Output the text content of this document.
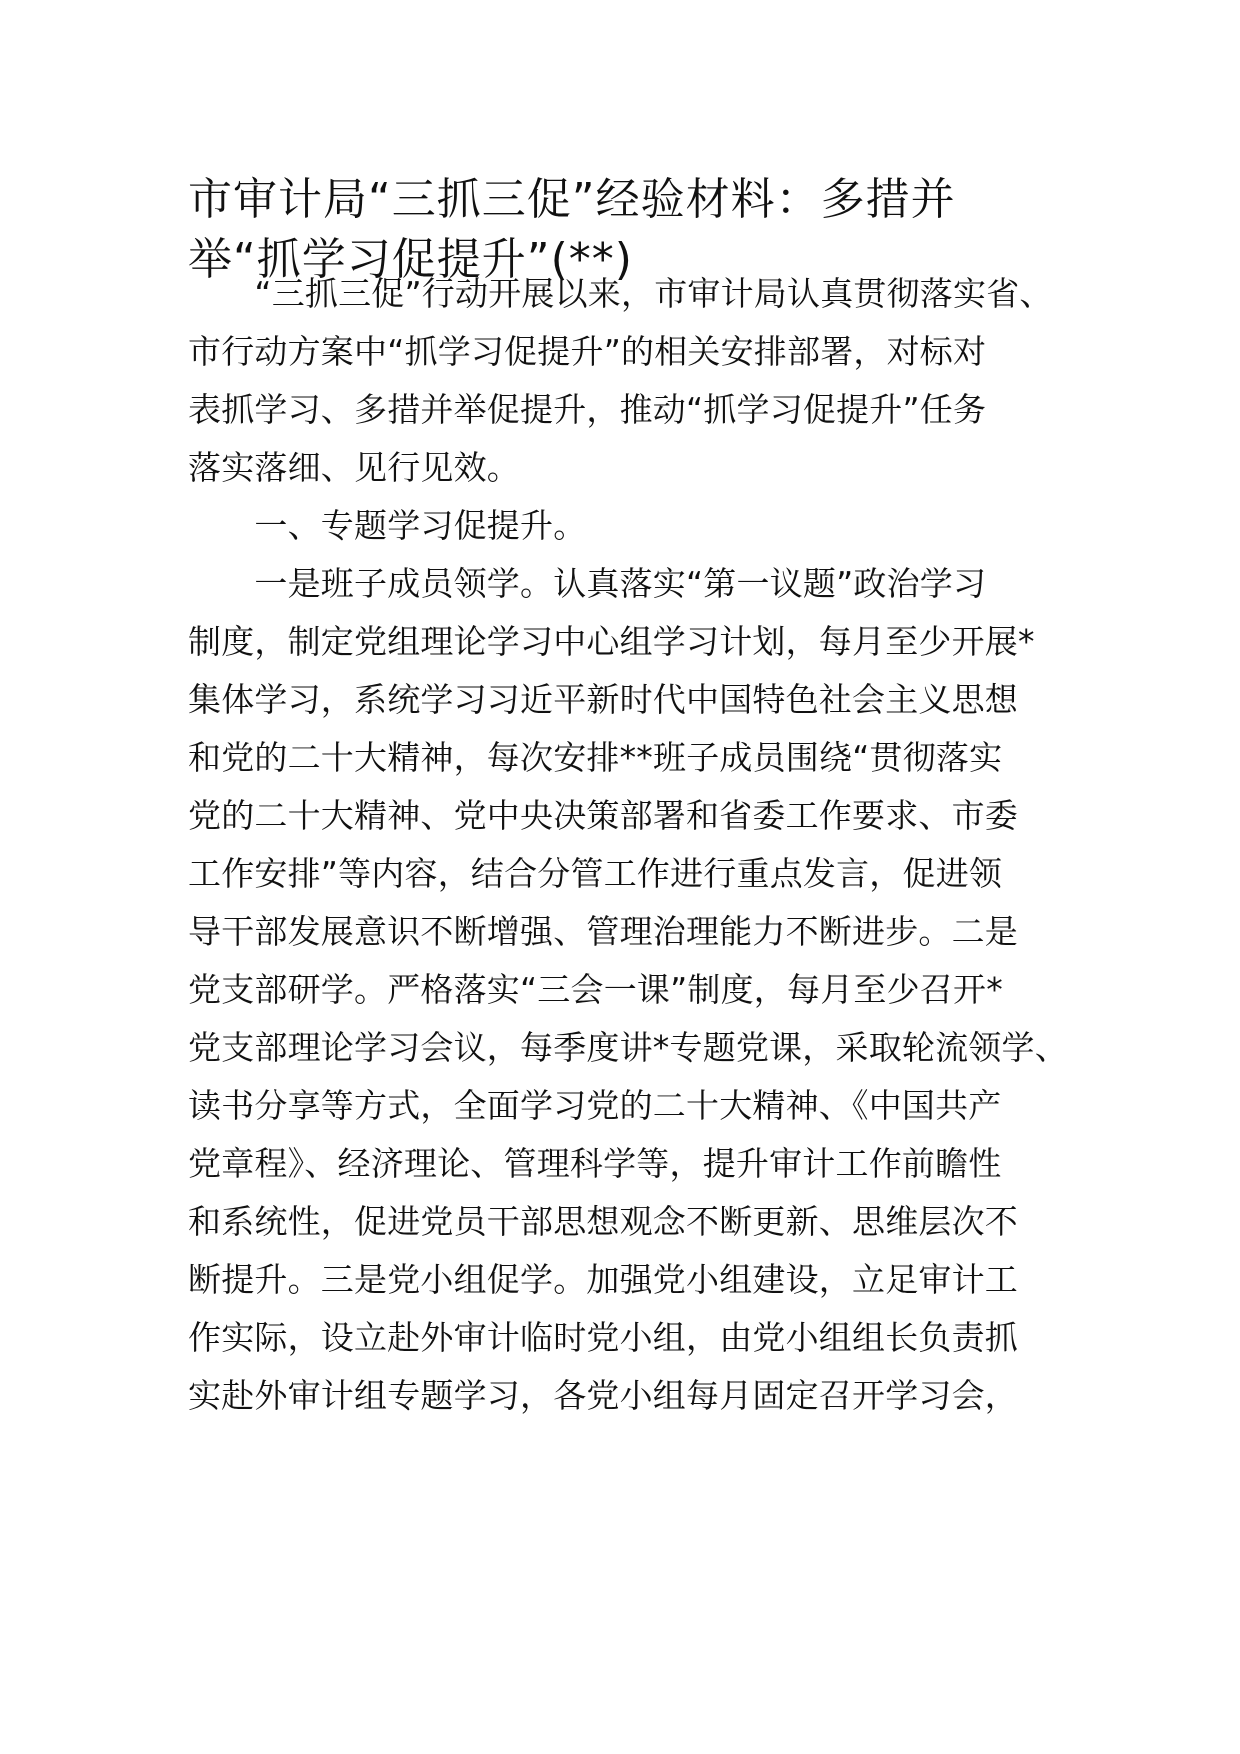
市审计局“三抓三促”经验材料：多措并
举“抓学习促提升”(**)
　　“三抓三促”行动开展以来，市审计局认真贯彻落实省、
市行动方案中“抓学习促提升”的相关安排部署，对标对
表抓学习、多措并举促提升，推动“抓学习促提升”任务
落实落细、见行见效。
　　一、专题学习促提升。
　　一是班子成员领学。认真落实“第一议题”政治学习
制度，制定党组理论学习中心组学习计划，每月至少开展*
集体学习，系统学习习近平新时代中国特色社会主义思想
和党的二十大精神，每次安排**班子成员围绕“贯彻落实
党的二十大精神、党中央决策部署和省委工作要求、市委
工作安排”等内容，结合分管工作进行重点发言，促进领
导干部发展意识不断增强、管理治理能力不断进步。二是
党支部研学。严格落实“三会一课”制度，每月至少召开*
党支部理论学习会议，每季度讲*专题党课，采取轮流领学、
读书分享等方式，全面学习党的二十大精神、《中国共产
党章程》、经济理论、管理科学等，提升审计工作前瞻性
和系统性，促进党员干部思想观念不断更新、思维层次不
断提升。三是党小组促学。加强党小组建设，立足审计工
作实际，设立赴外审计临时党小组，由党小组组长负责抓
实赴外审计组专题学习，各党小组每月固定召开学习会，
